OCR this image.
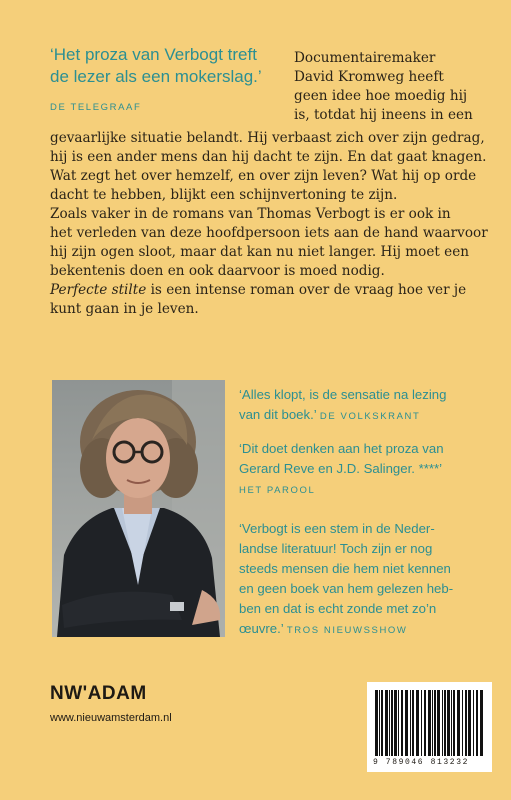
‘Het proza van Verbogt treft
de lezer als een mokerslag.’
DE TELEGRAAF
Documentairemaker
David Kromweg heeft
geen idee hoe moedig hij
is, totdat hij ineens in een
gevaarlijke situatie belandt. Hij verbaast zich over zijn gedrag,
hij is een ander mens dan hij dacht te zijn. En dat gaat knagen.
Wat zegt het over hemzelf, en over zijn leven? Wat hij op orde
dacht te hebben, blijkt een schijnvertoning te zijn.
Zoals vaker in de romans van Thomas Verbogt is er ook in
het verleden van deze hoofdpersoon iets aan de hand waarvoor
hij zijn ogen sloot, maar dat kan nu niet langer. Hij moet een
bekentenis doen en ook daarvoor is moed nodig.
Perfecte stilte is een intense roman over de vraag hoe ver je
kunt gaan in je leven.
‘Alles klopt, is de sensatie na lezing
van dit boek.’ DE VOLKSKRANT
‘Dit doet denken aan het proza van
Gerard Reve en J.D. Salinger. ****’
HET PAROOL
‘Verbogt is een stem in de Neder-
landse literatuur! Toch zijn er nog
steeds mensen die hem niet kennen
en geen boek van hem gelezen heb-
ben en dat is echt zonde met zo’n
œuvre.’ TROS NIEUWSSHOW
NW'ADAM
www.nieuwamsterdam.nl
9 789046 813232
